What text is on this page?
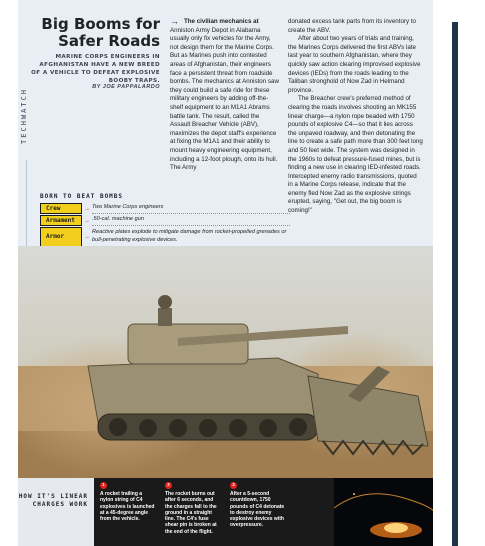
TECHWATCH
Big Booms for
Safer Roads
MARINE CORPS ENGINEERS IN AFGHANISTAN HAVE A NEW BREED OF A VEHICLE TO DEFEAT EXPLOSIVE BOOBY TRAPS.
BY JOE PAPPALARDO
→ The civilian mechanics at Anniston Army Depot in Alabama usually only fix vehicles for the Army, not design them for the Marine Corps. But as Marines push into contested areas of Afghanistan, their engineers face a persistent threat from roadside bombs. The mechanics at Anniston saw they could build a safe ride for these military engineers by adding off-the-shelf equipment to an M1A1 Abrams battle tank. The result, called the Assault Breacher Vehicle (ABV), maximizes the depot staff's experience at fixing the M1A1 and their ability to mount heavy engineering equipment, including a 12-foot plough, onto its hull. The Army

donated excess tank parts from its inventory to create the ABV.

After about two years of trials and training, the Marines Corps delivered the first ABVs late last year to southern Afghanistan, where they quickly saw action clearing improvised explosive devices (IEDs) from the roads leading to the Taliban stronghold of Now Zad in Helmand province.

The Breacher crew's preferred method of clearing the roads involves shooting an MK155 linear charge—a nylon rope beaded with 1750 pounds of explosive C4—so that it lies across the unpaved roadway, and then detonating the line to create a safe path more than 300 feet long and 50 feet wide. The system was designed in the 1960s to defeat pressure-fused mines, but is finding a new use in clearing IED-infested roads. Intercepted enemy radio transmissions, quoted in a Marine Corps release, indicate that the enemy fled Now Zad as the explosive strings erupted, saying, "Get out, the big boom is coming!"

BORN TO BEAT BOMBS
Crew	→ Two Marine Corps engineers
Armament	→ .50-cal. machine gun
Armor	→
Reactive plates explode to mitigate damage from rocket-propelled grenades or bull-penetrating explosive devices.
HOW IT'S LINEAR CHARGES WORK
1
A rocket trailing a nylon string of C4 explosives is launched at a 45-degree angle from the vehicle.
2
The rocket burns out after 6 seconds, and the charges fall to the ground in a straight line. The C4's fuse shear pin is broken at the end of the flight.
3
After a 5-second countdown, 1750 pounds of C4 detonate to destroy enemy explosive devices with overpressure.
